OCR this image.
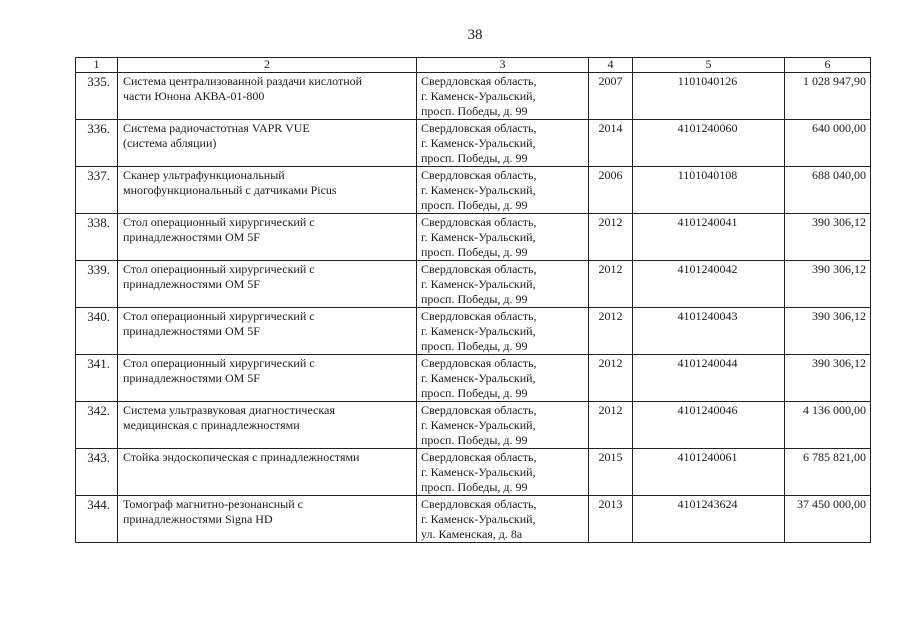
38
1	2	3	4	5	6
335.	Система централизованной раздачи кислотной
части Юнона АКВА-01-800	Свердловская область,
г. Каменск-Уральский,
просп. Победы, д. 99	2007	1101040126	1 028 947,90
336.	Система радиочастотная VAPR VUE
(система абляции)	Свердловская область,
г. Каменск-Уральский,
просп. Победы, д. 99	2014	4101240060	640 000,00
337.	Сканер ультрафункциональный
многофункциональный с датчиками Picus	Свердловская область,
г. Каменск-Уральский,
просп. Победы, д. 99	2006	1101040108	688 040,00
338.	Стол операционный хирургический с
принадлежностями ОМ 5F	Свердловская область,
г. Каменск-Уральский,
просп. Победы, д. 99	2012	4101240041	390 306,12
339.	Стол операционный хирургический с
принадлежностями ОМ 5F	Свердловская область,
г. Каменск-Уральский,
просп. Победы, д. 99	2012	4101240042	390 306,12
340.	Стол операционный хирургический с
принадлежностями ОМ 5F	Свердловская область,
г. Каменск-Уральский,
просп. Победы, д. 99	2012	4101240043	390 306,12
341.	Стол операционный хирургический с
принадлежностями ОМ 5F	Свердловская область,
г. Каменск-Уральский,
просп. Победы, д. 99	2012	4101240044	390 306,12
342.	Система ультразвуковая диагностическая
медицинская с принадлежностями	Свердловская область,
г. Каменск-Уральский,
просп. Победы, д. 99	2012	4101240046	4 136 000,00
343.	Стойка эндоскопическая с принадлежностями	Свердловская область,
г. Каменск-Уральский,
просп. Победы, д. 99	2015	4101240061	6 785 821,00
344.	Томограф магнитно-резонансный с
принадлежностями Signa HD	Свердловская область,
г. Каменск-Уральский,
ул. Каменская, д. 8а	2013	4101243624	37 450 000,00
